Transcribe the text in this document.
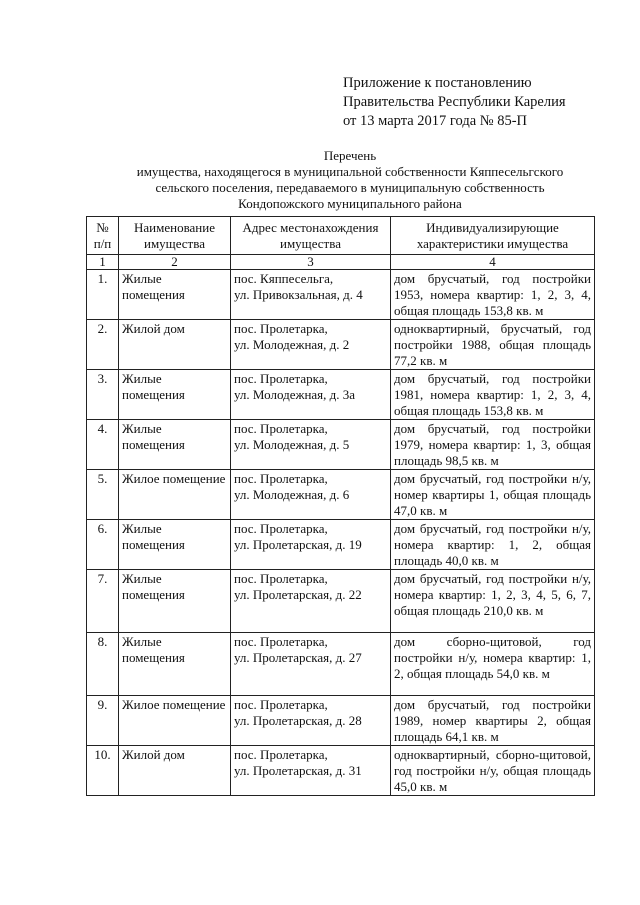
Приложение к постановлению
Правительства Республики Карелия
от 13 марта 2017 года № 85-П
Перечень
имущества, находящегося в муниципальной собственности Кяппесельгского
сельского поселения, передаваемого в муниципальную собственность
Кондопожского муниципального района
№ п/п	Наименование имущества	Адрес местонахождения имущества	Индивидуализирующие характеристики имущества
1	2	3	4
1.	Жилые помещения	пос. Кяппесельга,
ул. Привокзальная, д. 4	дом брусчатый, год постройки 1953, номера квартир: 1, 2, 3, 4, общая площадь 153,8 кв. м
2.	Жилой дом	пос. Пролетарка,
ул. Молодежная, д. 2	одноквартирный, брусчатый, год постройки 1988, общая площадь 77,2 кв. м
3.	Жилые помещения	пос. Пролетарка,
ул. Молодежная, д. 3а	дом брусчатый, год постройки 1981, номера квартир: 1, 2, 3, 4, общая площадь 153,8 кв. м
4.	Жилые помещения	пос. Пролетарка,
ул. Молодежная, д. 5	дом брусчатый, год постройки 1979, номера квартир: 1, 3, общая площадь 98,5 кв. м
5.	Жилое помещение	пос. Пролетарка,
ул. Молодежная, д. 6	дом брусчатый, год постройки н/у, номер квартиры 1, общая площадь 47,0 кв. м
6.	Жилые помещения	пос. Пролетарка,
ул. Пролетарская, д. 19	дом брусчатый, год постройки н/у, номера квартир: 1, 2, общая площадь 40,0 кв. м
7.	Жилые помещения	пос. Пролетарка,
ул. Пролетарская, д. 22	дом брусчатый, год постройки н/у, номера квартир: 1, 2, 3, 4, 5, 6, 7, общая площадь 210,0 кв. м
8.	Жилые помещения	пос. Пролетарка,
ул. Пролетарская, д. 27	дом сборно-щитовой, год постройки н/у, номера квартир: 1, 2, общая площадь 54,0 кв. м
9.	Жилое помещение	пос. Пролетарка,
ул. Пролетарская, д. 28	дом брусчатый, год постройки 1989, номер квартиры 2, общая площадь 64,1 кв. м
10.	Жилой дом	пос. Пролетарка,
ул. Пролетарская, д. 31	одноквартирный, сборно-щитовой, год постройки н/у, общая площадь 45,0 кв. м
